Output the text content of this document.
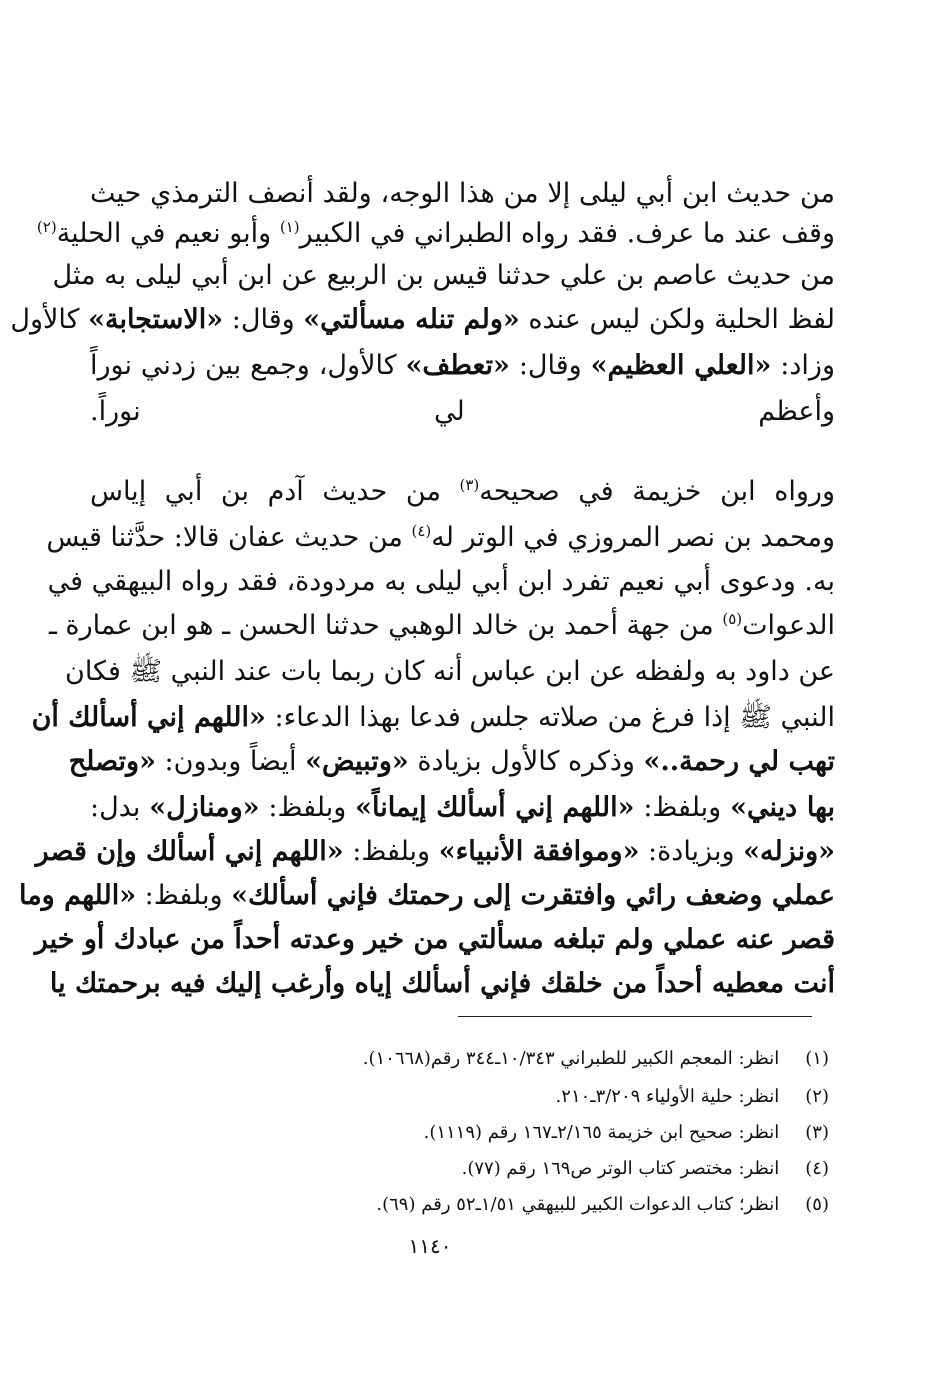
من حديث ابن أبي ليلى إلا من هذا الوجه، ولقد أنصف الترمذي حيث
وقف عند ما عرف. فقد رواه الطبراني في الكبير$^{(١)}$ وأبو نعيم في الحلية$^{(٢)}$
من حديث عاصم بن علي حدثنا قيس بن الربيع عن ابن أبي ليلى به مثل
لفظ الحلية ولكن ليس عنده «ولم تنله مسألتي» وقال: «الاستجابة» كالأول
وزاد: «العلي العظيم» وقال: «تعطف» كالأول، وجمع بين زدني نوراً
وأعظم لي نوراً.
ورواه ابن خزيمة في صحيحه$^{(٣)}$ من حديث آدم بن أبي إياس
ومحمد بن نصر المروزي في الوتر له$^{(٤)}$ من حديث عفان قالا: حدَّثنا قيس
به. ودعوى أبي نعيم تفرد ابن أبي ليلى به مردودة، فقد رواه البيهقي في
الدعوات$^{(٥)}$ من جهة أحمد بن خالد الوهبي حدثنا الحسن ـ هو ابن عمارة ـ
عن داود به ولفظه عن ابن عباس أنه كان ربما بات عند النبي ﷺ فكان
النبي ﷺ إذا فرغ من صلاته جلس فدعا بهذا الدعاء: «اللهم إني أسألك أن
تهب لي رحمة..» وذكره كالأول بزيادة «وتبيض» أيضاً وبدون: «وتصلح
بها ديني» وبلفظ: «اللهم إني أسألك إيماناً» وبلفظ: «ومنازل» بدل:
«ونزله» وبزيادة: «وموافقة الأنبياء» وبلفظ: «اللهم إني أسألك وإن قصر
عملي وضعف رائي وافتقرت إلى رحمتك فإني أسألك» وبلفظ: «اللهم وما
قصر عنه عملي ولم تبلغه مسألتي من خير وعدته أحداً من عبادك أو خير
أنت معطيه أحداً من خلقك فإني أسألك إياه وأرغب إليك فيه برحمتك يا
(١) انظر: المعجم الكبير للطبراني ١٠/٣٤٣ـ٣٤٤ رقم(١٠٦٦٨).
(٢) انظر: حلية الأولياء ٣/٢٠٩ـ٢١٠.
(٣) انظر: صحيح ابن خزيمة ٢/١٦٥ـ١٦٧ رقم (١١١٩).
(٤) انظر: مختصر كتاب الوتر ص١٦٩ رقم (٧٧).
(٥) انظر؛ كتاب الدعوات الكبير للبيهقي ١/٥١ـ٥٢ رقم (٦٩).
١١٤٠
